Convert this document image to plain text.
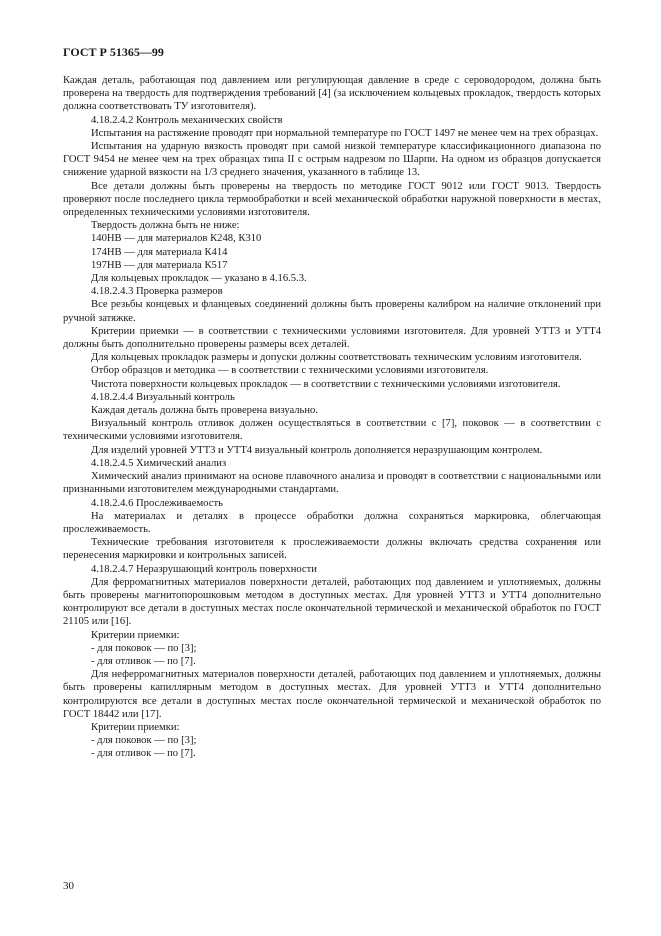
ГОСТ Р 51365—99

Каждая деталь, работающая под давлением или регулирующая давление в среде с сероводородом, должна быть проверена на твердость для подтверждения требований [4] (за исключением кольцевых прокладок, твердость которых должна соответствовать ТУ изготовителя).

4.18.2.4.2 Контроль механических свойств

Испытания на растяжение проводят при нормальной температуре по ГОСТ 1497 не менее чем на трех образцах.

Испытания на ударную вязкость проводят при самой низкой температуре классификационного диапазона по ГОСТ 9454 не менее чем на трех образцах типа II с острым надрезом по Шарпи. На одном из образцов допускается снижение ударной вязкости на 1/3 среднего значения, указанного в таблице 13.

Все детали должны быть проверены на твердость по методике ГОСТ 9012 или ГОСТ 9013. Твердость проверяют после последнего цикла термообработки и всей механической обработки наружной поверхности в местах, определенных техническими условиями изготовителя.

Твердость должна быть не ниже:

140НВ — для материалов К248, К310

174НВ — для материала К414

197НВ — для материала К517

Для кольцевых прокладок — указано в 4.16.5.3.

4.18.2.4.3 Проверка размеров

Все резьбы концевых и фланцевых соединений должны быть проверены калибром на наличие отклонений при ручной затяжке.

Критерии приемки — в соответствии с техническими условиями изготовителя. Для уровней УТТ3 и УТТ4 должны быть дополнительно проверены размеры всех деталей.

Для кольцевых прокладок размеры и допуски должны соответствовать техническим условиям изготовителя.

Отбор образцов и методика — в соответствии с техническими условиями изготовителя.

Чистота поверхности кольцевых прокладок — в соответствии с техническими условиями изготовителя.

4.18.2.4.4 Визуальный контроль

Каждая деталь должна быть проверена визуально.

Визуальный контроль отливок должен осуществляться в соответствии с [7], поковок — в соответствии с техническими условиями изготовителя.

Для изделий уровней УТТ3 и УТТ4 визуальный контроль дополняется неразрушающим контролем.

4.18.2.4.5 Химический анализ

Химический анализ принимают на основе плавочного анализа и проводят в соответствии с национальными или признанными изготовителем международными стандартами.

4.18.2.4.6 Прослеживаемость

На материалах и деталях в процессе обработки должна сохраняться маркировка, облегчающая прослеживаемость.

Технические требования изготовителя к прослеживаемости должны включать средства сохранения или перенесения маркировки и контрольных записей.

4.18.2.4.7 Неразрушающий контроль поверхности

Для ферромагнитных материалов поверхности деталей, работающих под давлением и уплотняемых, должны быть проверены магнитопорошковым методом в доступных местах. Для уровней УТТ3 и УТТ4 дополнительно контролируют все детали в доступных местах после окончательной термической и механической обработок по ГОСТ 21105 или [16].

Критерии приемки:

- для поковок — по [3];

- для отливок — по [7].

Для неферромагнитных материалов поверхности деталей, работающих под давлением и уплотняемых, должны быть проверены капиллярным методом в доступных местах. Для уровней УТТ3 и УТТ4 дополнительно контролируются все детали в доступных местах после окончательной термической и механической обработок по ГОСТ 18442 или [17].

Критерии приемки:

- для поковок — по [3];

- для отливок — по [7].

30
